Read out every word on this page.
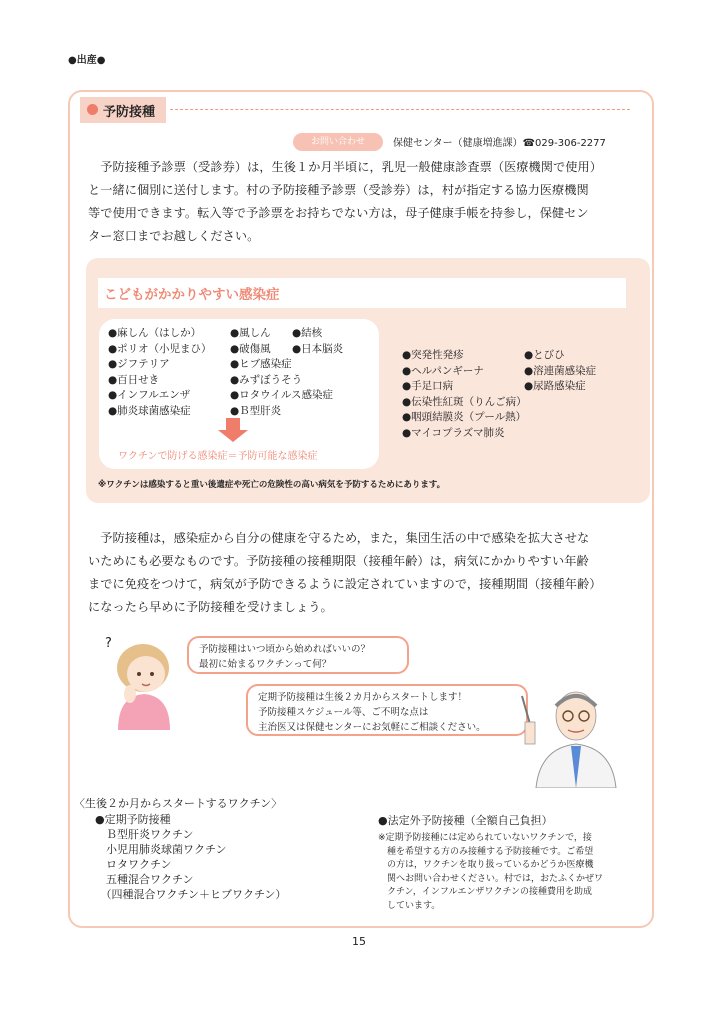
●出産●
予防接種
お問い合わせ	保健センター（健康増進課）☎029-306-2277

　予防接種予診票（受診券）は，生後１か月半頃に，乳児一般健康診査票（医療機関で使用）

と一緒に個別に送付します。村の予防接種予診票（受診券）は，村が指定する協力医療機関

等で使用できます。転入等で予診票をお持ちでない方は，母子健康手帳を持参し，保健セン

ター窓口までお越しください。

こどもがかかりやすい感染症
●麻しん（はしか）
●ポリオ（小児まひ）
●ジフテリア
●百日せき
●インフルエンザ
●肺炎球菌感染症
●風しん
●破傷風
●ヒブ感染症
●みずぼうそう
●ロタウイルス感染症
●Ｂ型肝炎
●結核
●日本脳炎
ワクチンで防げる感染症＝予防可能な感染症
●突発性発疹
●ヘルパンギーナ
●手足口病
●伝染性紅斑（りんご病）
●咽頭結膜炎（プール熱）
●マイコプラズマ肺炎
●とびひ
●溶連菌感染症
●尿路感染症
※ワクチンは感染すると重い後遺症や死亡の危険性の高い病気を予防するためにあります。

　予防接種は，感染症から自分の健康を守るため，また，集団生活の中で感染を拡大させな

いためにも必要なものです。予防接種の接種期限（接種年齢）は，病気にかかりやすい年齢

までに免疫をつけて，病気が予防できるように設定されていますので，接種期間（接種年齢）

になったら早めに予防接種を受けましょう。

?	予防接種はいつ頃から始めればいいの？
最初に始まるワクチンって何？
定期予防接種は生後２カ月からスタートします！
予防接種スケジュール等、ご不明な点は
主治医又は保健センターにお気軽にご相談ください。
〈生後２か月からスタートするワクチン〉
●定期予防接種
　Ｂ型肝炎ワクチン
　小児用肺炎球菌ワクチン
　ロタワクチン
　五種混合ワクチン
　（四種混合ワクチン＋ヒブワクチン）
●法定外予防接種（全額自己負担）
※定期予防接種には定められていないワクチンで，接
　種を希望する方のみ接種する予防接種です。ご希望
　の方は，ワクチンを取り扱っているかどうか医療機
　関へお問い合わせください。村では，おたふくかぜワ
　クチン，インフルエンザワクチンの接種費用を助成
　しています。
15
